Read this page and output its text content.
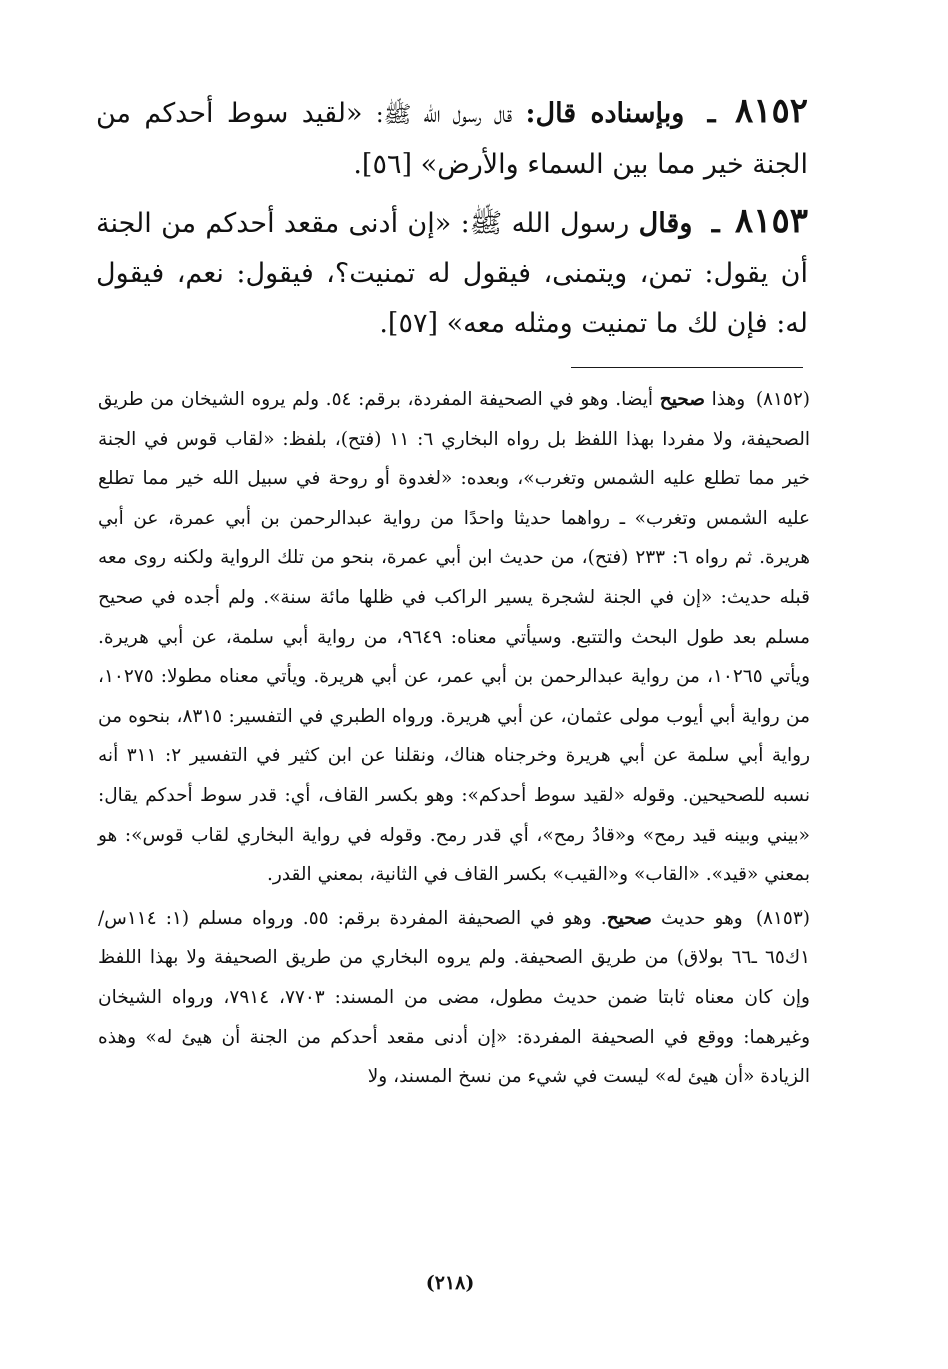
٨١٥٢ ـ وبإسناده قال: قال رسول الله ﷺ: «لقيد سوط أحدكم من الجنة خير مما بين السماء والأرض» [٥٦].

٨١٥٣ ـ وقال رسول الله ﷺ: «إن أدنى مقعد أحدكم من الجنة أن يقول: تمن، ويتمنى، فيقول له تمنيت؟، فيقول: نعم، فيقول له: فإن لك ما تمنيت ومثله معه» [٥٧].

(٨١٥٢) وهذا صحيح أيضا. وهو في الصحيفة المفردة، برقم: ٥٤. ولم يروه الشيخان من طريق الصحيفة، ولا مفردا بهذا اللفظ بل رواه البخاري ٦: ١١ (فتح)، بلفظ: «لقاب قوس في الجنة خير مما تطلع عليه الشمس وتغرب»، وبعده: «لغدوة أو روحة في سبيل الله خير مما تطلع عليه الشمس وتغرب» ـ رواهما حديثا واحدًا من رواية عبدالرحمن بن أبي عمرة، عن أبي هريرة. ثم رواه ٦: ٢٣٣ (فتح)، من حديث ابن أبي عمرة، بنحو من تلك الرواية ولكنه روى معه قبله حديث: «إن في الجنة لشجرة يسير الراكب في ظلها مائة سنة». ولم أجده في صحيح مسلم بعد طول البحث والتتبع. وسيأتي معناه: ٩٦٤٩، من رواية أبي سلمة، عن أبي هريرة. ويأتي ١٠٢٦٥، من رواية عبدالرحمن بن أبي عمر، عن أبي هريرة. ويأتي معناه مطولا: ١٠٢٧٥، من رواية أبي أيوب مولى عثمان، عن أبي هريرة. ورواه الطبري في التفسير: ٨٣١٥، بنحوه من رواية أبي سلمة عن أبي هريرة وخرجناه هناك، ونقلنا عن ابن كثير في التفسير ٢: ٣١١ أنه نسبه للصحيحين. وقوله «لقيد سوط أحدكم»: وهو بكسر القاف، أي: قدر سوط أحدكم يقال: «بيني وبينه قيد رمح» و«قادُ رمح»، أي قدر رمح. وقوله في رواية البخاري لقاب قوس»: هو بمعني «قيد». «القاب» و«القيب» بكسر القاف في الثانية، بمعني القدر.

(٨١٥٣) وهو حديث صحيح. وهو في الصحيفة المفردة برقم: ٥٥. ورواه مسلم (١: ١١٤س/ ١ك٦٥ ـ٦٦ بولاق) من طريق الصحيفة. ولم يروه البخاري من طريق الصحيفة ولا بهذا اللفظ وإن كان معناه ثابتا ضمن حديث مطول، مضى من المسند: ٧٧٠٣، ٧٩١٤، ورواه الشيخان وغيرهما: ووقع في الصحيفة المفردة: «إن أدنى مقعد أحدكم من الجنة أن هيئ له» وهذه الزيادة «أن هيئ له» ليست في شيء من نسخ المسند، ولا

(٢١٨)
